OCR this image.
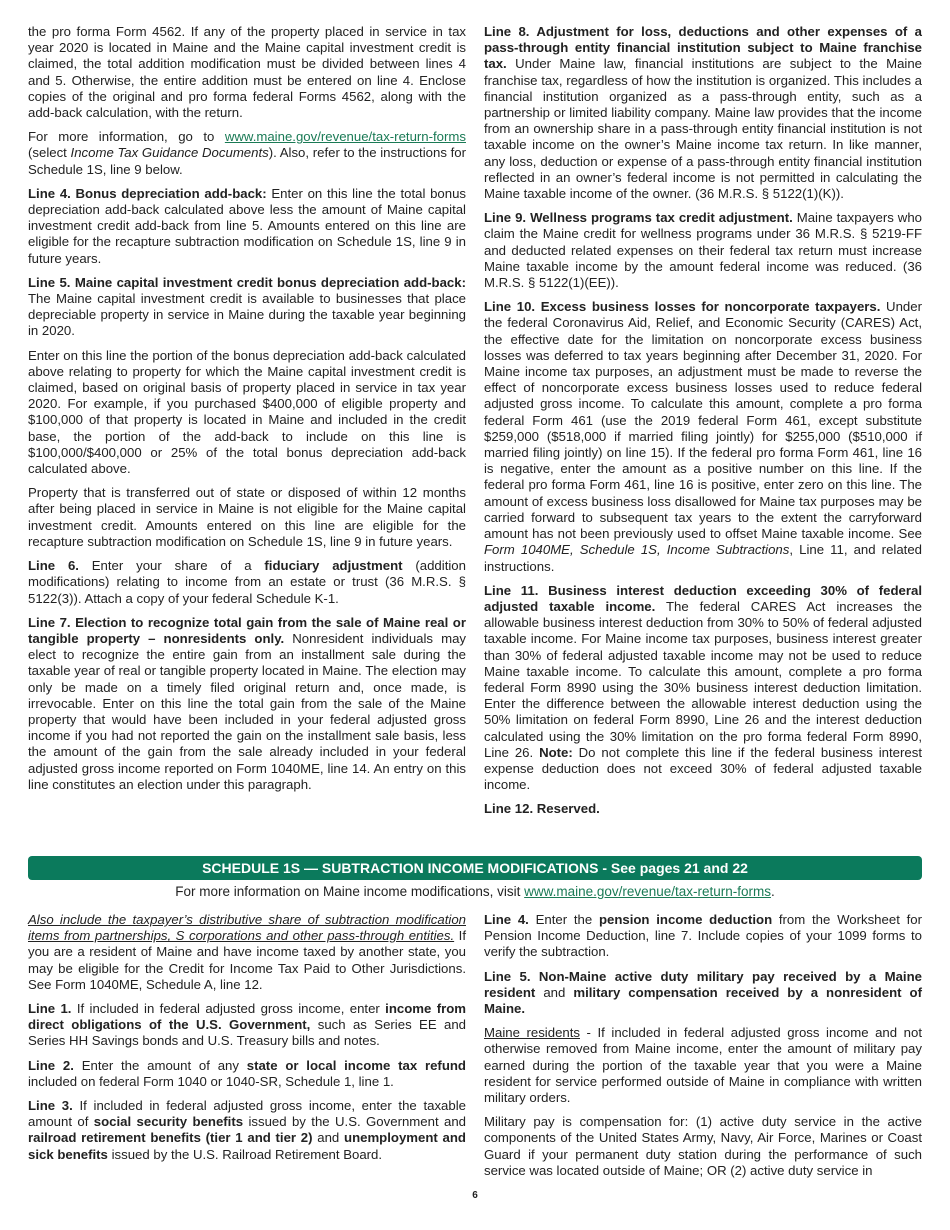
the pro forma Form 4562. If any of the property placed in service in tax year 2020 is located in Maine and the Maine capital investment credit is claimed, the total addition modification must be divided between lines 4 and 5. Otherwise, the entire addition must be entered on line 4. Enclose copies of the original and pro forma federal Forms 4562, along with the add-back calculation, with the return.

For more information, go to www.maine.gov/revenue/tax-return-forms (select Income Tax Guidance Documents). Also, refer to the instructions for Schedule 1S, line 9 below.

Line 4. Bonus depreciation add-back: Enter on this line the total bonus depreciation add-back calculated above less the amount of Maine capital investment credit add-back from line 5. Amounts entered on this line are eligible for the recapture subtraction modification on Schedule 1S, line 9 in future years.

Line 5. Maine capital investment credit bonus depreciation add-back: The Maine capital investment credit is available to businesses that place depreciable property in service in Maine during the taxable year beginning in 2020.

Enter on this line the portion of the bonus depreciation add-back calculated above relating to property for which the Maine capital investment credit is claimed, based on original basis of property placed in service in tax year 2020. For example, if you purchased $400,000 of eligible property and $100,000 of that property is located in Maine and included in the credit base, the portion of the add-back to include on this line is $100,000/$400,000 or 25% of the total bonus depreciation add-back calculated above.

Property that is transferred out of state or disposed of within 12 months after being placed in service in Maine is not eligible for the Maine capital investment credit. Amounts entered on this line are eligible for the recapture subtraction modification on Schedule 1S, line 9 in future years.

Line 6. Enter your share of a fiduciary adjustment (addition modifications) relating to income from an estate or trust (36 M.R.S. § 5122(3)). Attach a copy of your federal Schedule K-1.

Line 7. Election to recognize total gain from the sale of Maine real or tangible property – nonresidents only. Nonresident individuals may elect to recognize the entire gain from an installment sale during the taxable year of real or tangible property located in Maine. The election may only be made on a timely filed original return and, once made, is irrevocable. Enter on this line the total gain from the sale of the Maine property that would have been included in your federal adjusted gross income if you had not reported the gain on the installment sale basis, less the amount of the gain from the sale already included in your federal adjusted gross income reported on Form 1040ME, line 14. An entry on this line constitutes an election under this paragraph.

Line 8. Adjustment for loss, deductions and other expenses of a pass-through entity financial institution subject to Maine franchise tax. Under Maine law, financial institutions are subject to the Maine franchise tax, regardless of how the institution is organized. This includes a financial institution organized as a pass-through entity, such as a partnership or limited liability company. Maine law provides that the income from an ownership share in a pass-through entity financial institution is not taxable income on the owner’s Maine income tax return. In like manner, any loss, deduction or expense of a pass-through entity financial institution reflected in an owner’s federal income is not permitted in calculating the Maine taxable income of the owner. (36 M.R.S. § 5122(1)(K)).

Line 9. Wellness programs tax credit adjustment. Maine taxpayers who claim the Maine credit for wellness programs under 36 M.R.S. § 5219-FF and deducted related expenses on their federal tax return must increase Maine taxable income by the amount federal income was reduced. (36 M.R.S. § 5122(1)(EE)).

Line 10. Excess business losses for noncorporate taxpayers. Under the federal Coronavirus Aid, Relief, and Economic Security (CARES) Act, the effective date for the limitation on noncorporate excess business losses was deferred to tax years beginning after December 31, 2020. For Maine income tax purposes, an adjustment must be made to reverse the effect of noncorporate excess business losses used to reduce federal adjusted gross income. To calculate this amount, complete a pro forma federal Form 461 (use the 2019 federal Form 461, except substitute $259,000 ($518,000 if married filing jointly) for $255,000 ($510,000 if married filing jointly) on line 15). If the federal pro forma Form 461, line 16 is negative, enter the amount as a positive number on this line. If the federal pro forma Form 461, line 16 is positive, enter zero on this line. The amount of excess business loss disallowed for Maine tax purposes may be carried forward to subsequent tax years to the extent the carryforward amount has not been previously used to offset Maine taxable income. See Form 1040ME, Schedule 1S, Income Subtractions, Line 11, and related instructions.

Line 11. Business interest deduction exceeding 30% of federal adjusted taxable income. The federal CARES Act increases the allowable business interest deduction from 30% to 50% of federal adjusted taxable income. For Maine income tax purposes, business interest greater than 30% of federal adjusted taxable income may not be used to reduce Maine taxable income. To calculate this amount, complete a pro forma federal Form 8990 using the 30% business interest deduction limitation. Enter the difference between the allowable interest deduction using the 50% limitation on federal Form 8990, Line 26 and the interest deduction calculated using the 30% limitation on the pro forma federal Form 8990, Line 26. Note: Do not complete this line if the federal business interest expense deduction does not exceed 30% of federal adjusted taxable income.

Line 12. Reserved.

SCHEDULE 1S — SUBTRACTION INCOME MODIFICATIONS - See pages 21 and 22
For more information on Maine income modifications, visit www.maine.gov/revenue/tax-return-forms.

Also include the taxpayer’s distributive share of subtraction modification items from partnerships, S corporations and other pass-through entities. If you are a resident of Maine and have income taxed by another state, you may be eligible for the Credit for Income Tax Paid to Other Jurisdictions. See Form 1040ME, Schedule A, line 12.

Line 1. If included in federal adjusted gross income, enter income from direct obligations of the U.S. Government, such as Series EE and Series HH Savings bonds and U.S. Treasury bills and notes.

Line 2. Enter the amount of any state or local income tax refund included on federal Form 1040 or 1040-SR, Schedule 1, line 1.

Line 3. If included in federal adjusted gross income, enter the taxable amount of social security benefits issued by the U.S. Government and railroad retirement benefits (tier 1 and tier 2) and unemployment and sick benefits issued by the U.S. Railroad Retirement Board.

Line 4. Enter the pension income deduction from the Worksheet for Pension Income Deduction, line 7. Include copies of your 1099 forms to verify the subtraction.

Line 5. Non-Maine active duty military pay received by a Maine resident and military compensation received by a nonresident of Maine.

Maine residents - If included in federal adjusted gross income and not otherwise removed from Maine income, enter the amount of military pay earned during the portion of the taxable year that you were a Maine resident for service performed outside of Maine in compliance with written military orders.

Military pay is compensation for: (1) active duty service in the active components of the United States Army, Navy, Air Force, Marines or Coast Guard if your permanent duty station during the performance of such service was located outside of Maine; OR (2) active duty service in

6
